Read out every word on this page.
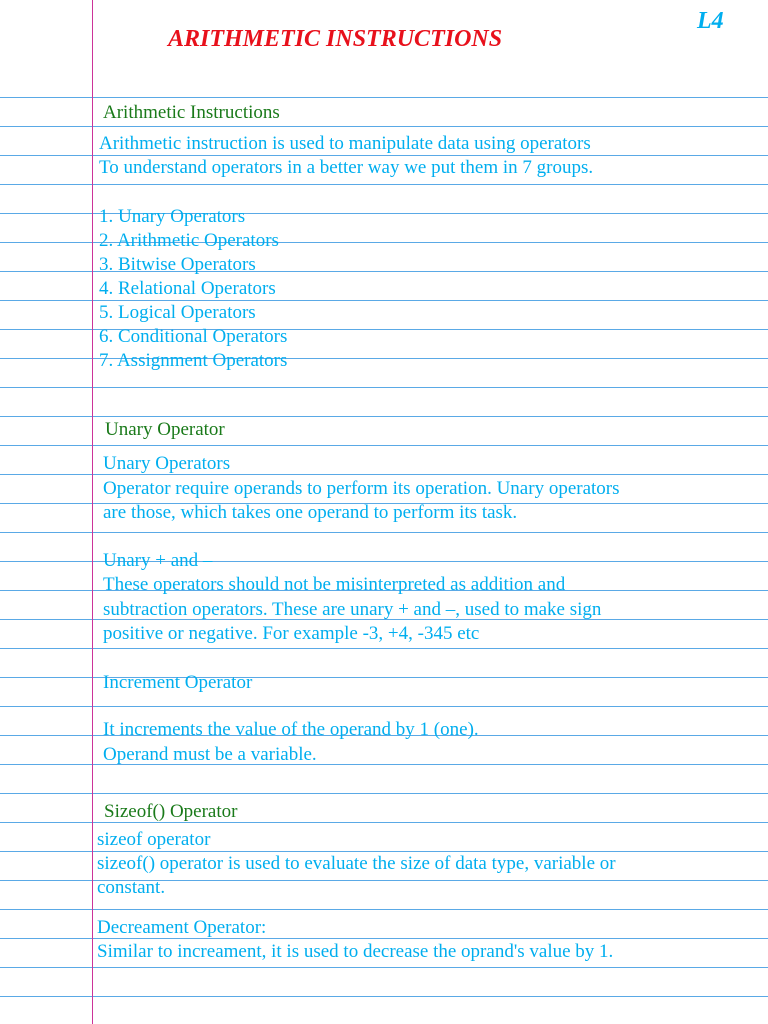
L4
ARITHMETIC INSTRUCTIONS
Arithmetic Instructions
Arithmetic instruction is used to manipulate data using operators
To understand operators in a better way we put them in 7 groups.
1. Unary Operators
2. Arithmetic Operators
3. Bitwise Operators
4. Relational Operators
5. Logical Operators
6. Conditional Operators
7. Assignment Operators
Unary Operator
Unary Operators
Operator require operands to perform its operation. Unary operators
are those, which takes one operand to perform its task.
Unary + and –
These operators should not be misinterpreted as addition and
subtraction operators. These are unary + and –, used to make sign
positive or negative. For example -3, +4, -345 etc
Increment Operator
It increments the value of the operand by 1 (one).
Operand must be a variable.
Sizeof() Operator
sizeof operator
sizeof() operator is used to evaluate the size of data type, variable or
constant.
Decreament Operator:
Similar to increament, it is used to decrease the oprand's value by 1.
